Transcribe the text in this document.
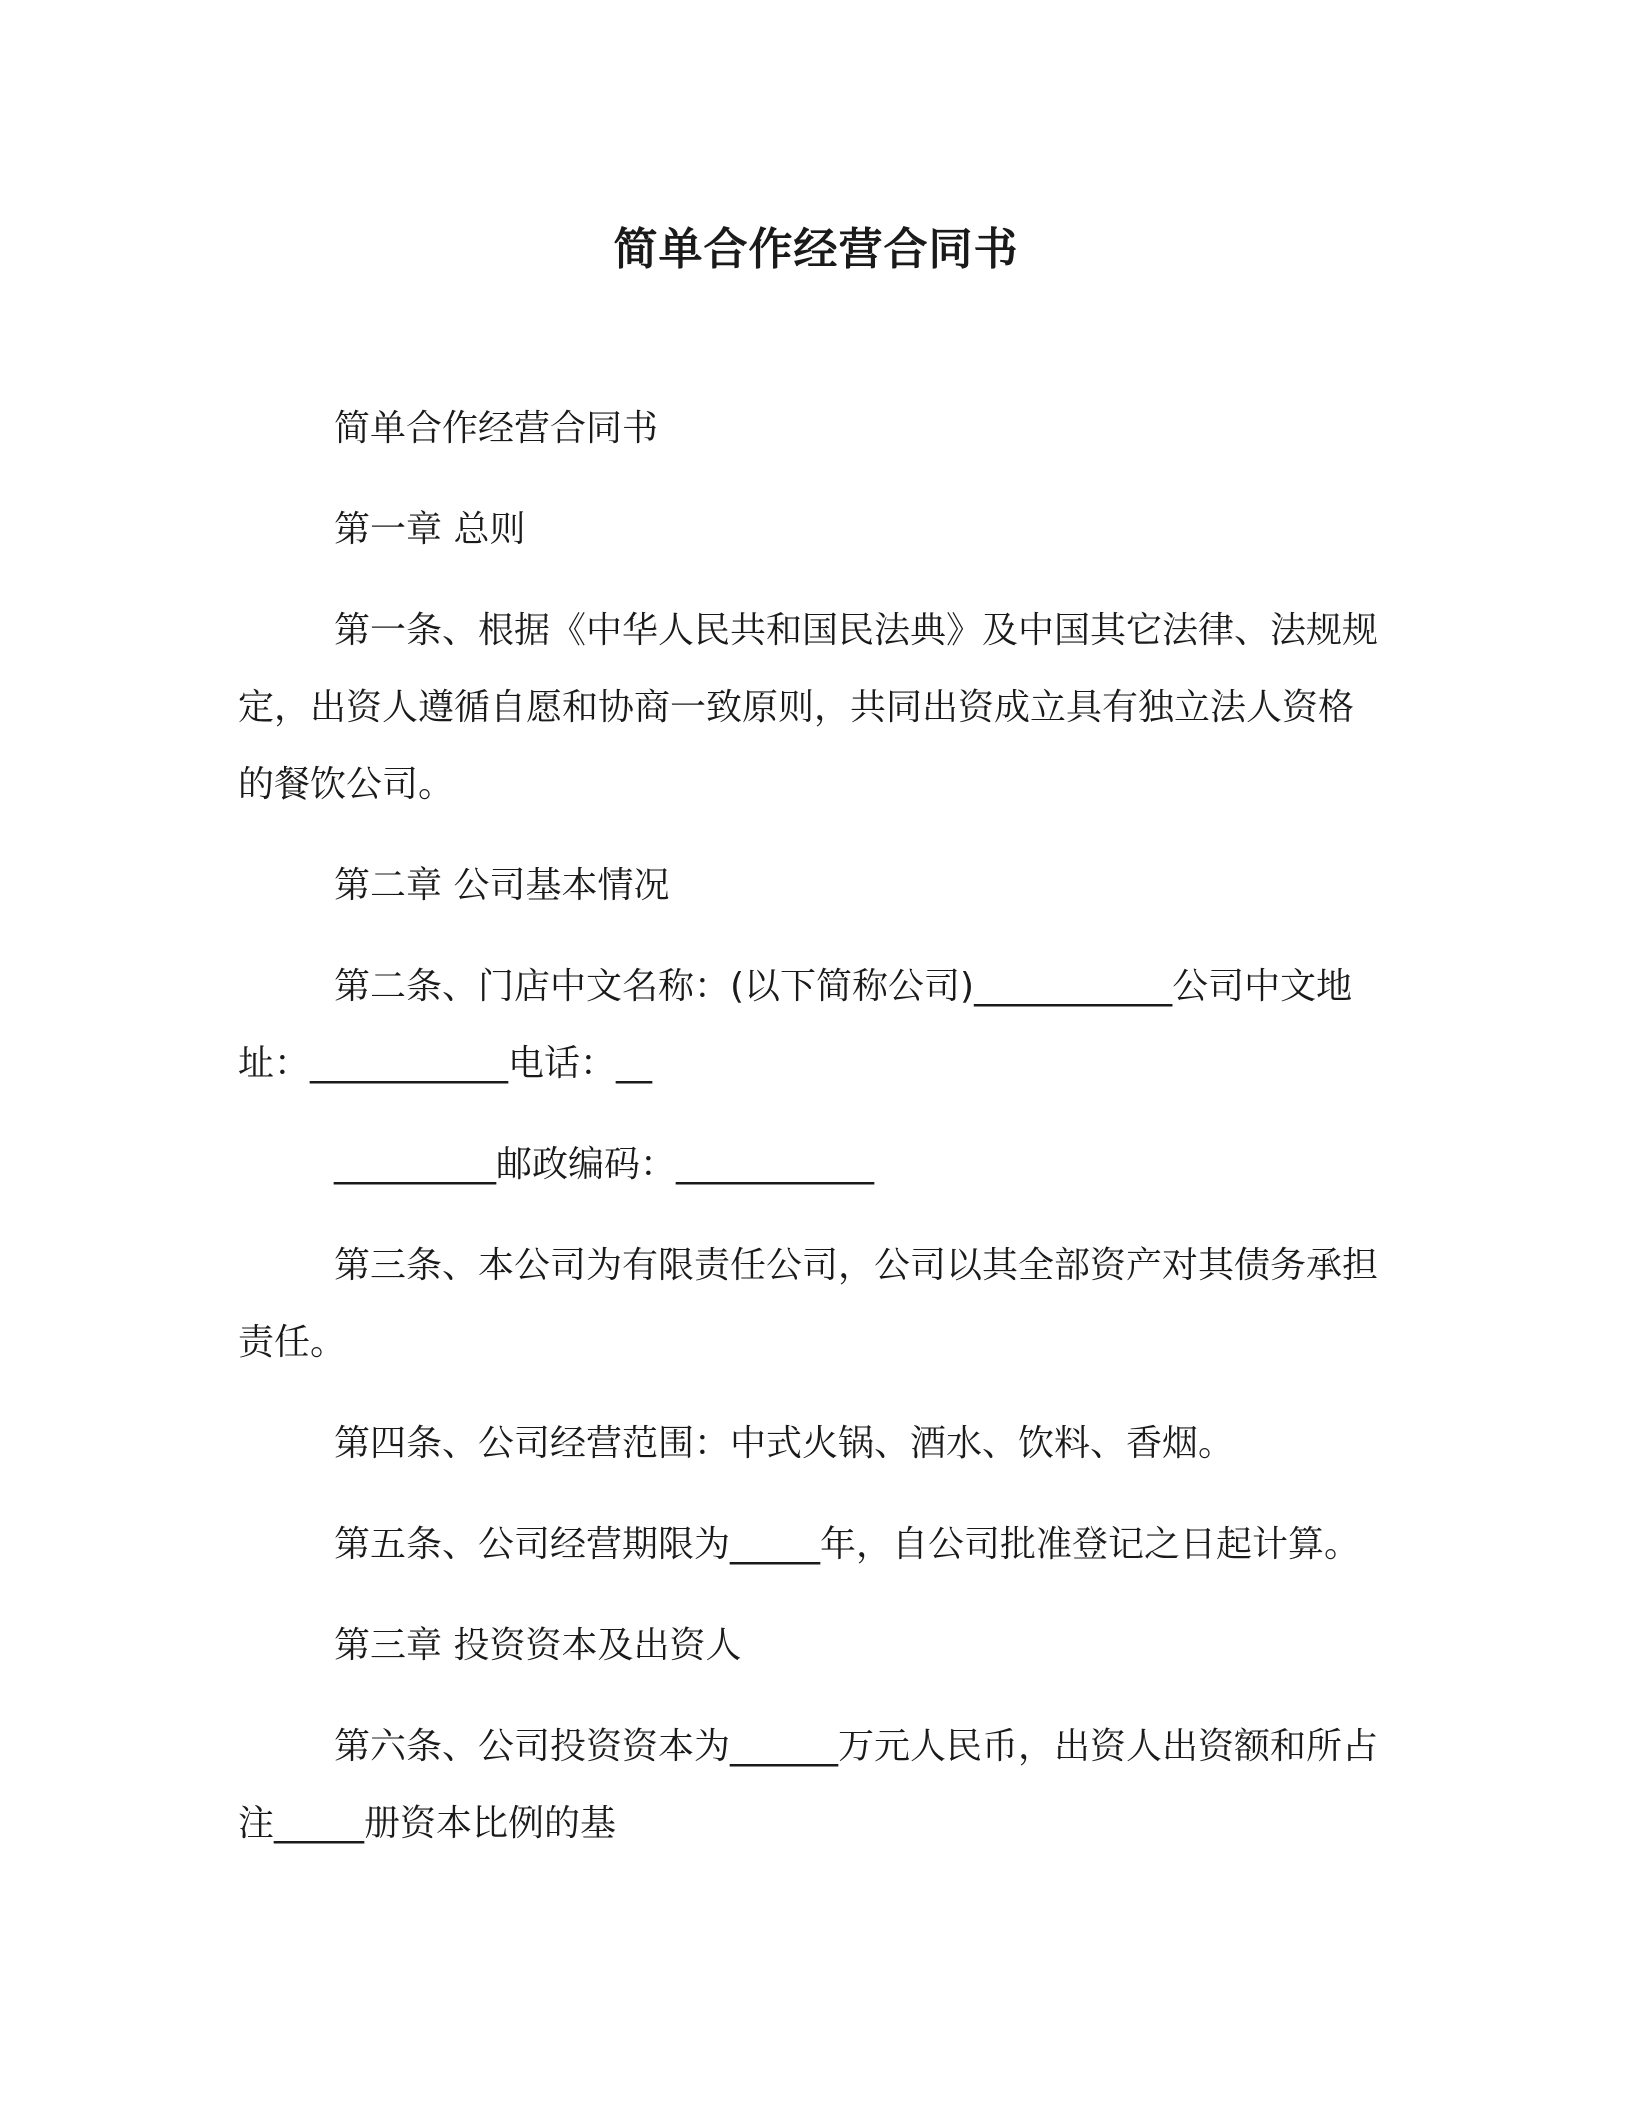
简单合作经营合同书

简单合作经营合同书

第一章 总则

第一条、根据《中华人民共和国民法典》及中国其它法律、法规规定，出资人遵循自愿和协商一致原则，共同出资成立具有独立法人资格的餐饮公司。

第二章 公司基本情况

第二条、门店中文名称：(以下简称公司)___________公司中文地址：___________电话：__

_________邮政编码：___________

第三条、本公司为有限责任公司，公司以其全部资产对其债务承担责任。

第四条、公司经营范围：中式火锅、酒水、饮料、香烟。

第五条、公司经营期限为_____年，自公司批准登记之日起计算。

第三章 投资资本及出资人

第六条、公司投资资本为______万元人民币，出资人出资额和所占注_____册资本比例的基
